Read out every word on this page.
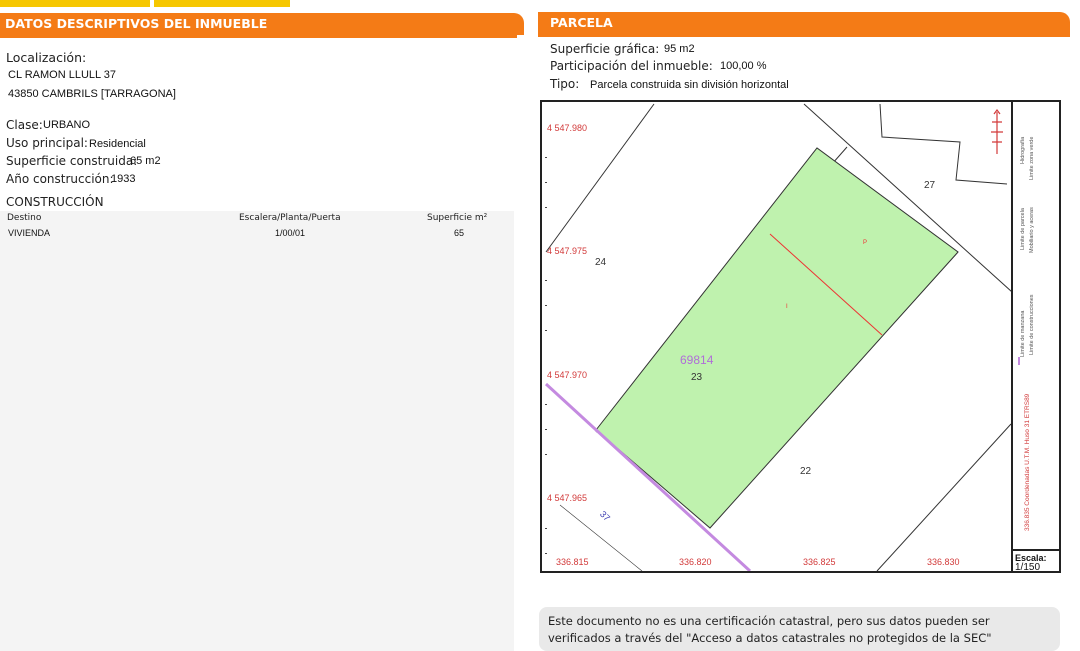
DATOS DESCRIPTIVOS DEL INMUEBLE
Localización:
CL RAMON LLULL 37
43850 CAMBRILS [TARRAGONA]
Clase: URBANO
Uso principal: Residencial
Superficie construida:
65 m2
Año construcción:
1933
CONSTRUCCIÓN
Destino	Escalera/Planta/Puerta	Superficie m²
VIVIENDA	1/00/01	65
PARCELA
Superficie gráfica: 95 m2
Participación del inmueble: 100,00 %
Tipo: Parcela construida sin división horizontal
4 547.980
4 547.975
4 547.970
4 547.965
336.815	336.820	336.825	336.830
69814
27
24
23
22
P
I
37
Limite de manzana
Limite de parcela
Hidrografía
Limite de construcciones
Mobiliario y aceras
Limite zona verde
336.835 Coordenadas U.T.M. Huso 31 ETRS89
Escala:
1/150
Este documento no es una certificación catastral, pero sus datos pueden ser verificados a través del "Acceso a datos catastrales no protegidos de la SEC"
